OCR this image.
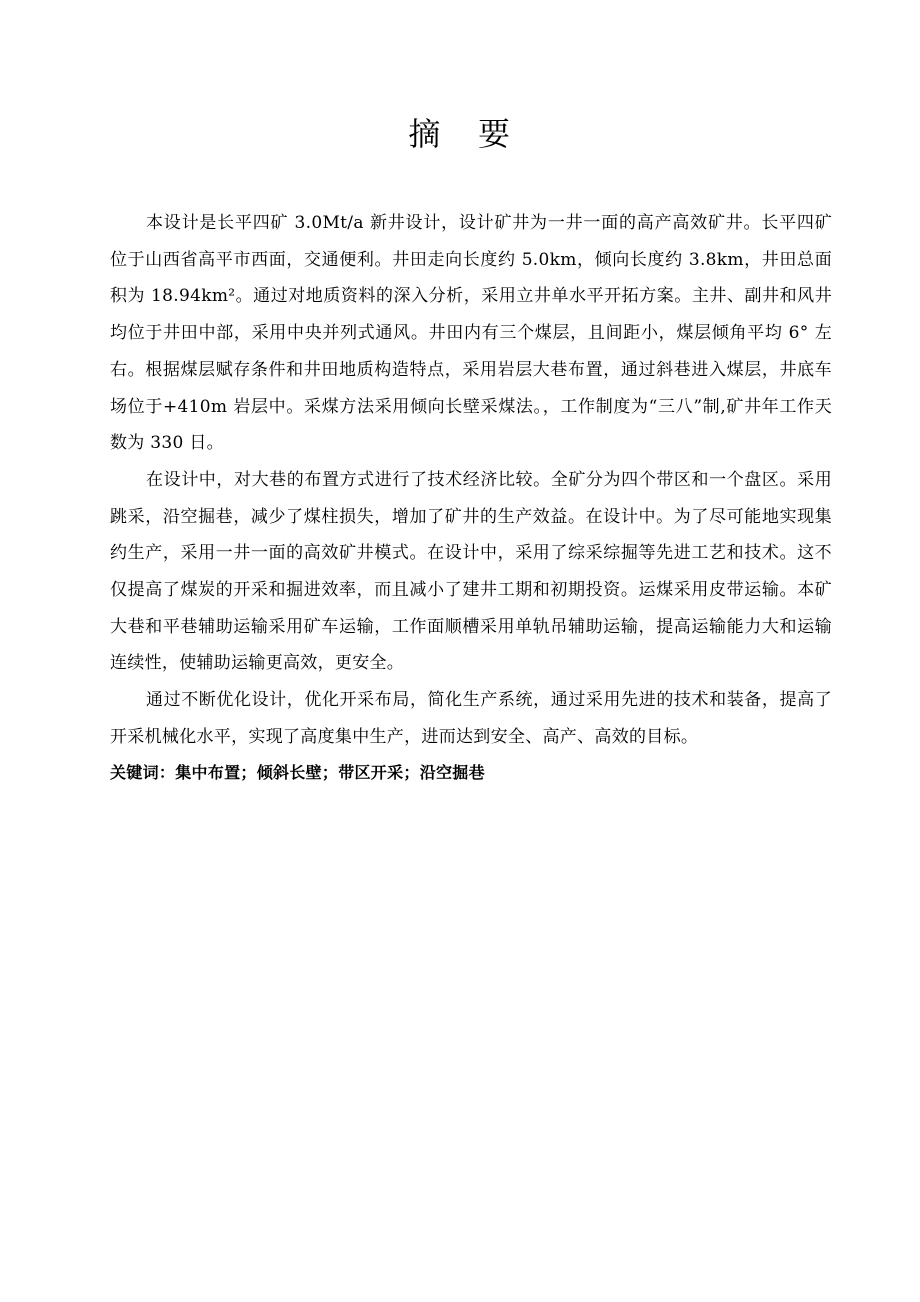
摘 要

本设计是长平四矿 3.0Mt/a 新井设计，设计矿井为一井一面的高产高效矿井。长平四矿位于山西省高平市西面，交通便利。井田走向长度约 5.0km，倾向长度约 3.8km，井田总面积为 18.94km²。通过对地质资料的深入分析，采用立井单水平开拓方案。主井、副井和风井均位于井田中部，采用中央并列式通风。井田内有三个煤层，且间距小，煤层倾角平均 6° 左右。根据煤层赋存条件和井田地质构造特点，采用岩层大巷布置，通过斜巷进入煤层，井底车场位于+410m 岩层中。采煤方法采用倾向长壁采煤法。，工作制度为“三八”制,矿井年工作天数为 330 日。

在设计中，对大巷的布置方式进行了技术经济比较。全矿分为四个带区和一个盘区。采用跳采，沿空掘巷，减少了煤柱损失，增加了矿井的生产效益。在设计中。为了尽可能地实现集约生产，采用一井一面的高效矿井模式。在设计中，采用了综采综掘等先进工艺和技术。这不仅提高了煤炭的开采和掘进效率，而且减小了建井工期和初期投资。运煤采用皮带运输。本矿大巷和平巷辅助运输采用矿车运输，工作面顺槽采用单轨吊辅助运输，提高运输能力大和运输连续性，使辅助运输更高效，更安全。

通过不断优化设计，优化开采布局，简化生产系统，通过采用先进的技术和装备，提高了开采机械化水平，实现了高度集中生产，进而达到安全、高产、高效的目标。

关键词：集中布置；倾斜长壁；带区开采；沿空掘巷
